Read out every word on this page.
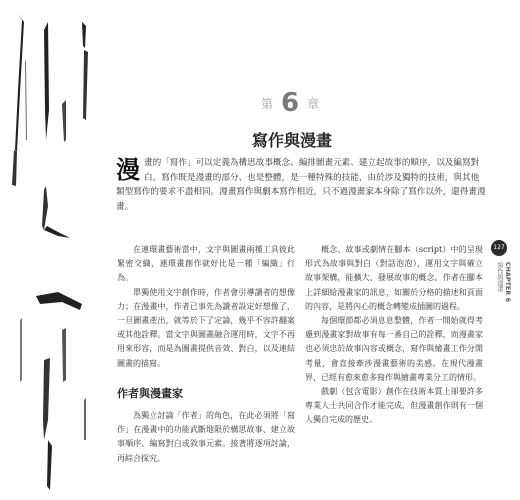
第 6 章
寫作與漫畫
漫 畫的「寫作」可以定義為構思故事概念、編排圖畫元素、建立起故事的順序，以及編寫對白。寫作既是漫畫的部分、也是整體，是一種特殊的技能，由於涉及獨特的技術，與其他類型寫作的要求不盡相同。漫畫寫作與劇本寫作相近，只不過漫畫家本身除了寫作以外，還得畫漫畫。

在連環畫藝術當中，文字與圖畫兩種工具彼此緊密交織，連環畫創作就好比是一種「編織」行為。

單獨使用文字創作時，作者會引導讀者的想像力；在漫畫中，作者已事先為讀者設定好想像了，一旦圖畫產出，就等於下了定論，幾乎不容許翻案或其他詮釋。當文字與圖畫融合運用時，文字不再用來形容，而是為圖畫提供音效、對白，以及連結圖畫的描寫。

作者與漫畫家

為獨立討論「作者」的角色，在此必須將「寫作」在漫畫中的功能武斷地限於構思故事、建立故事順序、編寫對白或敘事元素。接著將逐項討論，再綜合探究。

概念、故事或劇情在腳本（script）中的呈現形式為故事與對白（對話泡泡），運用文字與確立故事架構，能擴大、發展故事的概念。作者在腳本上詳細給漫畫家的訊息，如關於分格的描述和頁面的內容，是將內心的概念轉變成插圖的過程。

每個環節都必須息息整體，作者一開始就得考慮到漫畫家對故事有每一番自己的詮釋，而漫畫家也必須忠於故事內容或概念，寫作與繪畫工作分開考量，會直接牽涉漫畫藝術的美感。在現代漫畫界，已經有愈來愈多寫作與繪畫專業分工的情形。

戲劇（包含電影）創作在技術本質上卻要許多專業人士共同合作才能完成，但漫畫創作則有一個人獨自完成的歷史。

127
CHAPTER 6
寫作與漫畫
